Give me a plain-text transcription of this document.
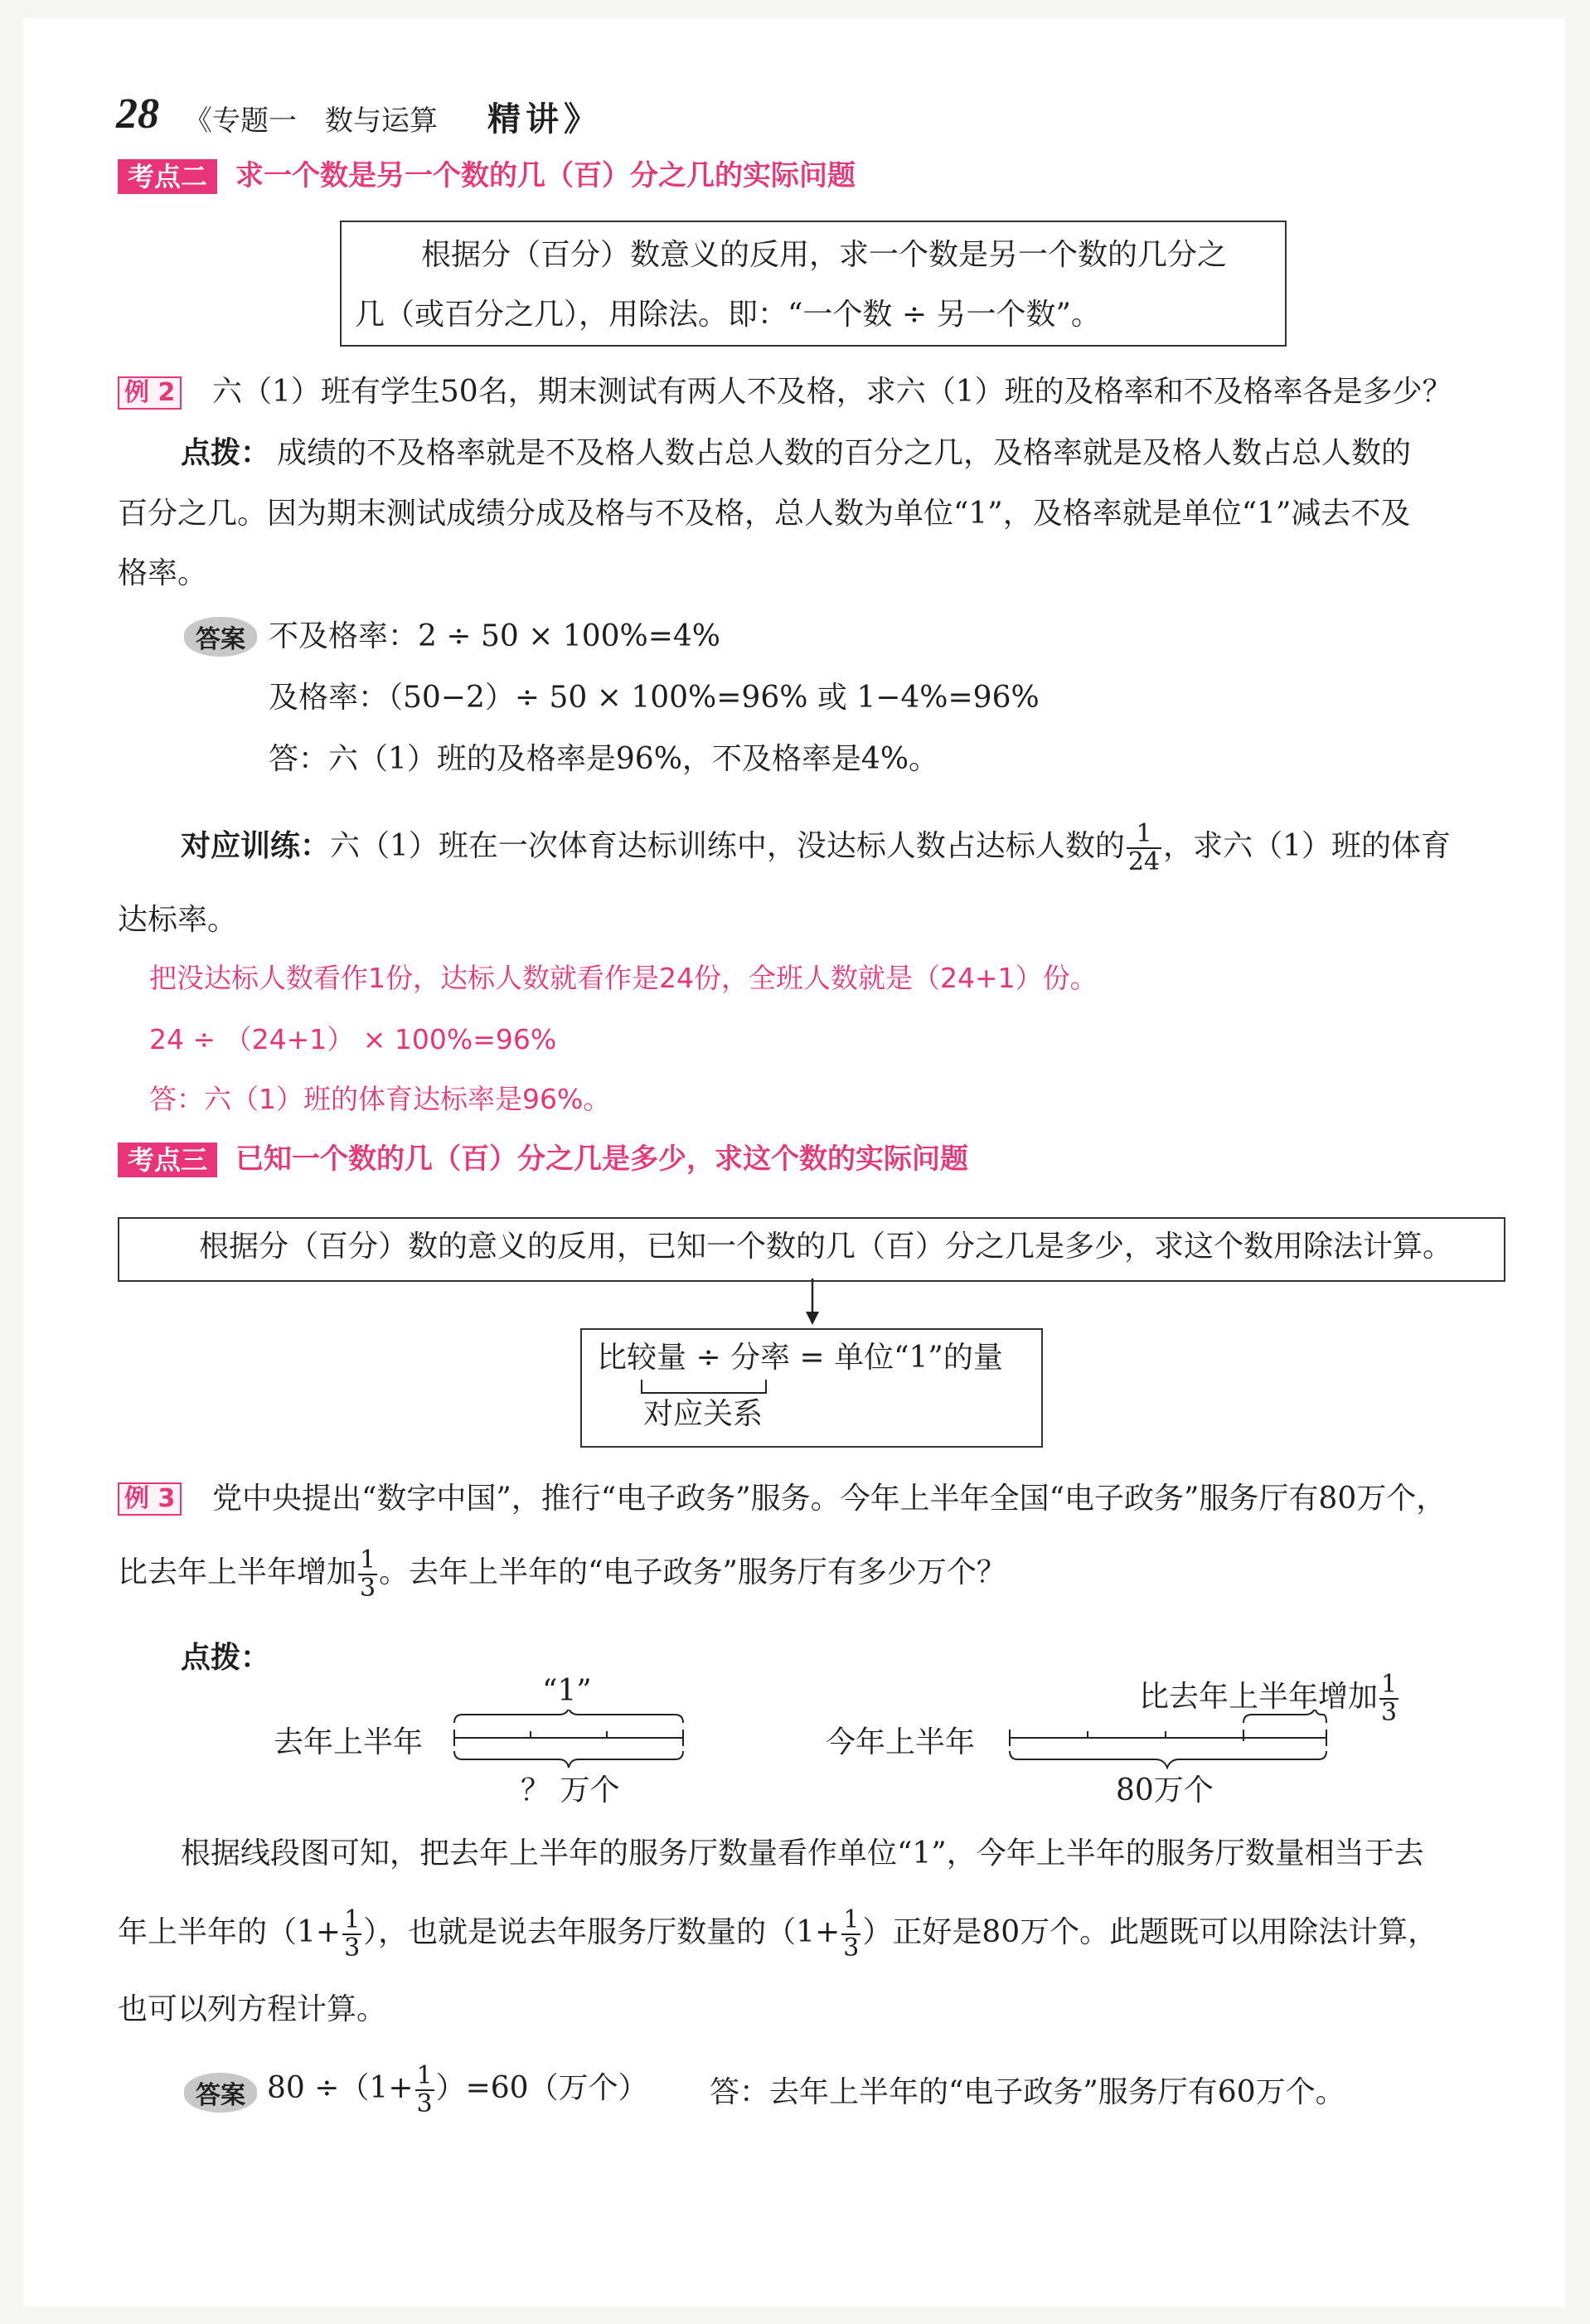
28 《专题一　数与运算 精讲》
考点二 求一个数是另一个数的几（百）分之几的实际问题
根据分（百分）数意义的反用，求一个数是另一个数的几分之
几（或百分之几），用除法。即：“一个数 ÷ 另一个数”。
例 2 六（1）班有学生50名，期末测试有两人不及格，求六（1）班的及格率和不及格率各是多少？
点拨： 成绩的不及格率就是不及格人数占总人数的百分之几，及格率就是及格人数占总人数的
百分之几。因为期末测试成绩分成及格与不及格，总人数为单位“1”，及格率就是单位“1”减去不及
格率。
答案 不及格率：2 ÷ 50 × 100%=4%
及格率：（50−2）÷ 50 × 100%=96% 或 1−4%=96%
答：六（1）班的及格率是96%，不及格率是4%。
对应训练：六（1）班在一次体育达标训练中，没达标人数占达标人数的 $\frac{1}{24}$ ，求六（1）班的体育
达标率。
把没达标人数看作1份，达标人数就看作是24份，全班人数就是（24+1）份。
24 ÷ （24+1） × 100%=96%
答：六（1）班的体育达标率是96%。
考点三 已知一个数的几（百）分之几是多少，求这个数的实际问题
根据分（百分）数的意义的反用，已知一个数的几（百）分之几是多少，求这个数用除法计算。
比较量 ÷ 分率 = 单位“1”的量
对应关系
例 3 党中央提出“数字中国”，推行“电子政务”服务。今年上半年全国“电子政务”服务厅有80万个，
比去年上半年增加 $\frac{1}{3}$ 。去年上半年的“电子政务”服务厅有多少万个？
点拨：
去年上半年
“1”
？ 万个
今年上半年
比去年上半年增加 $\frac{1}{3}$
80万个
根据线段图可知，把去年上半年的服务厅数量看作单位“1”，今年上半年的服务厅数量相当于去
年上半年的（$1+ \frac{1}{3}$ ），也就是说去年服务厅数量的（$1+ \frac{1}{3}$ ）正好是80万个。此题既可以用除法计算，
也可以列方程计算。
答案 $80 \div(1+ \frac{1}{3} )=60$（万个） 答：去年上半年的“电子政务”服务厅有60万个。
